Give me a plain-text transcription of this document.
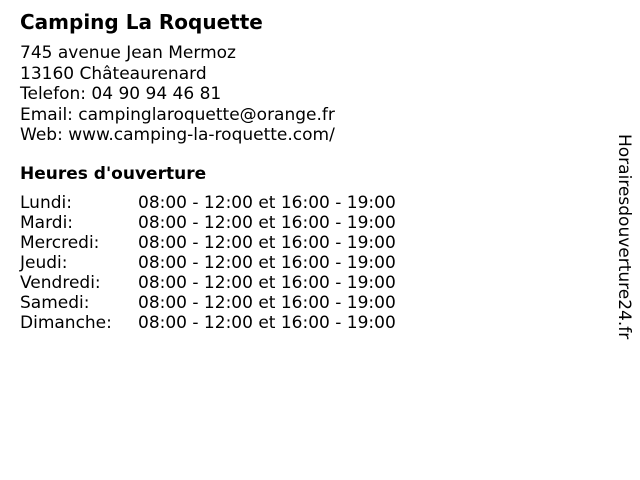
Camping La Roquette
745 avenue Jean Mermoz
13160 Châteaurenard
Telefon: 04 90 94 46 81
Email: campinglaroquette@orange.fr
Web: www.camping-la-roquette.com/
Heures d'ouverture
Lundi:	08:00 - 12:00 et 16:00 - 19:00
Mardi:	08:00 - 12:00 et 16:00 - 19:00
Mercredi:	08:00 - 12:00 et 16:00 - 19:00
Jeudi:	08:00 - 12:00 et 16:00 - 19:00
Vendredi:	08:00 - 12:00 et 16:00 - 19:00
Samedi:	08:00 - 12:00 et 16:00 - 19:00
Dimanche:	08:00 - 12:00 et 16:00 - 19:00	Horairesdouverture24.fr
